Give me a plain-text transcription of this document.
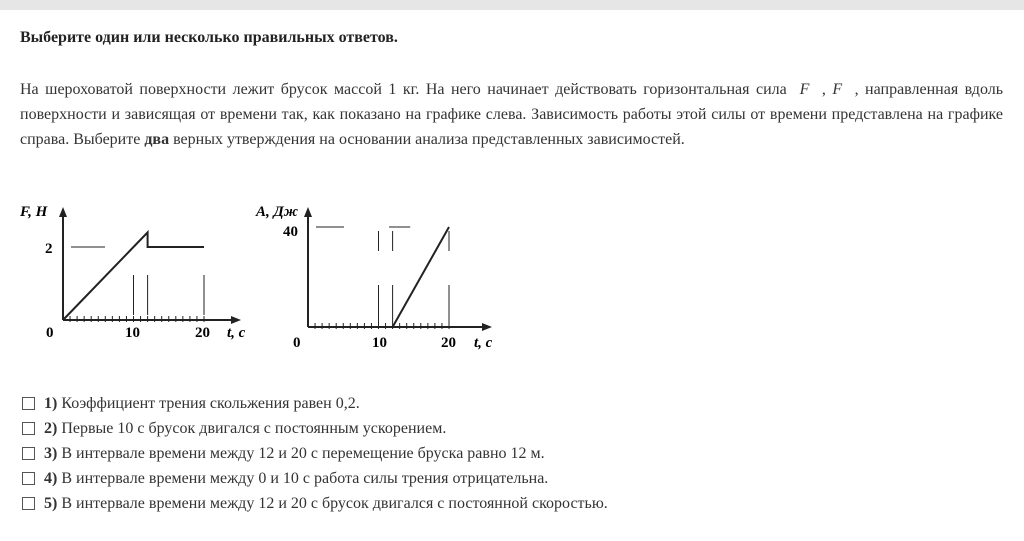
Выберите один или несколько правильных ответов.
На шероховатой поверхности лежит брусок массой 1 кг. На него начинает действовать горизонтальная сила F, F, направленная вдоль поверхности и зависящая от времени так, как показано на графике слева. Зависимость работы этой силы от времени представлена на графике справа. Выберите два верных утверждения на основании анализа представленных зависимостей.
F, Н
t, с
0
2
10	20
A, Дж
t, с
0
40
10	20
1) Коэффициент трения скольжения равен 0,2.
2) Первые 10 с брусок двигался с постоянным ускорением.
3) В интервале времени между 12 и 20 с перемещение бруска равно 12 м.
4) В интервале времени между 0 и 10 с работа силы трения отрицательна.
5) В интервале времени между 12 и 20 с брусок двигался с постоянной скоростью.
